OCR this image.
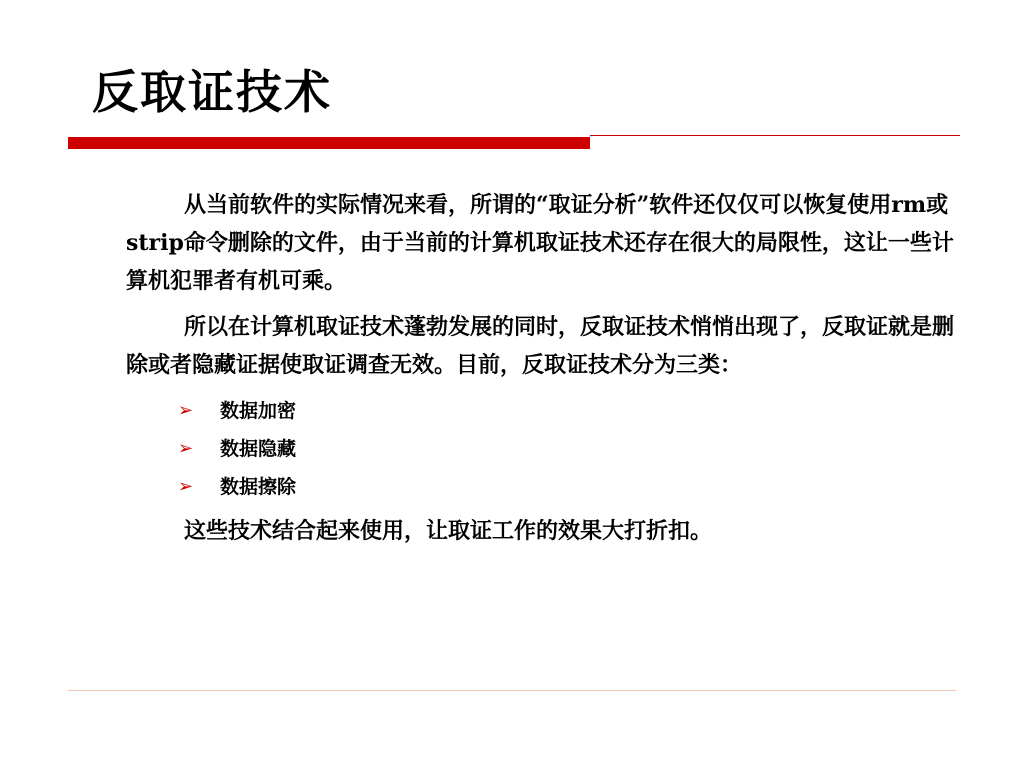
反取证技术

从当前软件的实际情况来看，所谓的“取证分析”软件还仅仅可以恢复使用rm或strip命令删除的文件，由于当前的计算机取证技术还存在很大的局限性，这让一些计算机犯罪者有机可乘。

所以在计算机取证技术蓬勃发展的同时，反取证技术悄悄出现了，反取证就是删除或者隐藏证据使取证调查无效。目前，反取证技术分为三类：

➢ 数据加密
➢ 数据隐藏
➢ 数据擦除

这些技术结合起来使用，让取证工作的效果大打折扣。
